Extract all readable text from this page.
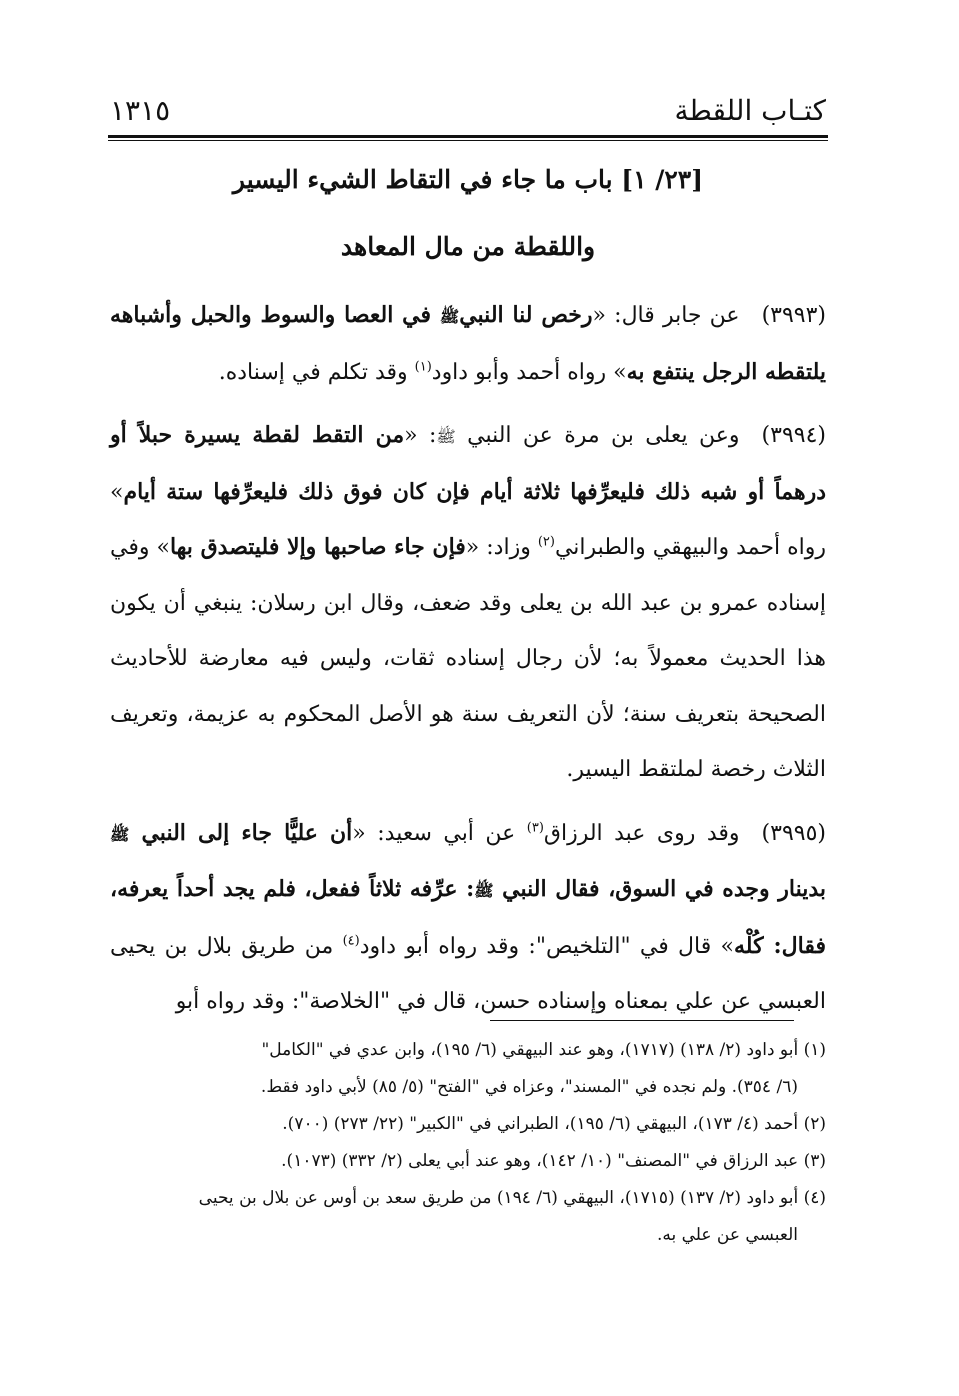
كتـاب اللقطة
١٣١٥
[٢٣/ ١] باب ما جاء في التقاط الشيء اليسير
واللقطة من مال المعاهد

(٣٩٩٣)عن جابر قال: «رخص لنا النبيﷺ في العصا والسوط والحبل وأشباهه يلتقطه الرجل ينتفع به» رواه أحمد وأبو داود$^{(١)}$ وقد تكلم في إسناده.

(٣٩٩٤)وعن يعلى بن مرة عن النبي ﷺ: «من التقط لقطة يسيرة حبلاً أو درهماً أو شبه ذلك فليعرِّفها ثلاثة أيام فإن كان فوق ذلك فليعرِّفها ستة أيام» رواه أحمد والبيهقي والطبراني$^{(٢)}$ وزاد: «فإن جاء صاحبها وإلا فليتصدق بها» وفي إسناده عمرو بن عبد الله بن يعلى وقد ضعف، وقال ابن رسلان: ينبغي أن يكون هذا الحديث معمولاً به؛ لأن رجال إسناده ثقات، وليس فيه معارضة للأحاديث الصحيحة بتعريف سنة؛ لأن التعريف سنة هو الأصل المحكوم به عزيمة، وتعريف الثلاث رخصة لملتقط اليسير.

(٣٩٩٥)وقد روى عبد الرزاق$^{(٣)}$ عن أبي سعيد: «أن عليًّا جاء إلى النبي ﷺ بدينار وجده في السوق، فقال النبي ﷺ: عرِّفه ثلاثاً ففعل، فلم يجد أحداً يعرفه، فقال: كُلْه» قال في "التلخيص": وقد رواه أبو داود$^{(٤)}$ من طريق بلال بن يحيى العبسي عن علي بمعناه وإسناده حسن، قال في "الخلاصة": وقد رواه أبو

(١) أبو داود (٢/ ١٣٨) (١٧١٧)، وهو عند البيهقي (٦/ ١٩٥)، وابن عدي في "الكامل"
(٦/ ٣٥٤). ولم نجده في "المسند"، وعزاه في "الفتح" (٥/ ٨٥) لأبي داود فقط.

(٢) أحمد (٤/ ١٧٣)، البيهقي (٦/ ١٩٥)، الطبراني في "الكبير" (٢٢/ ٢٧٣) (٧٠٠).

(٣) عبد الرزاق في "المصنف" (١٠/ ١٤٢)، وهو عند أبي يعلى (٢/ ٣٣٢) (١٠٧٣).

(٤) أبو داود (٢/ ١٣٧) (١٧١٥)، البيهقي (٦/ ١٩٤) من طريق سعد بن أوس عن بلال بن يحيى
العبسي عن علي به.
